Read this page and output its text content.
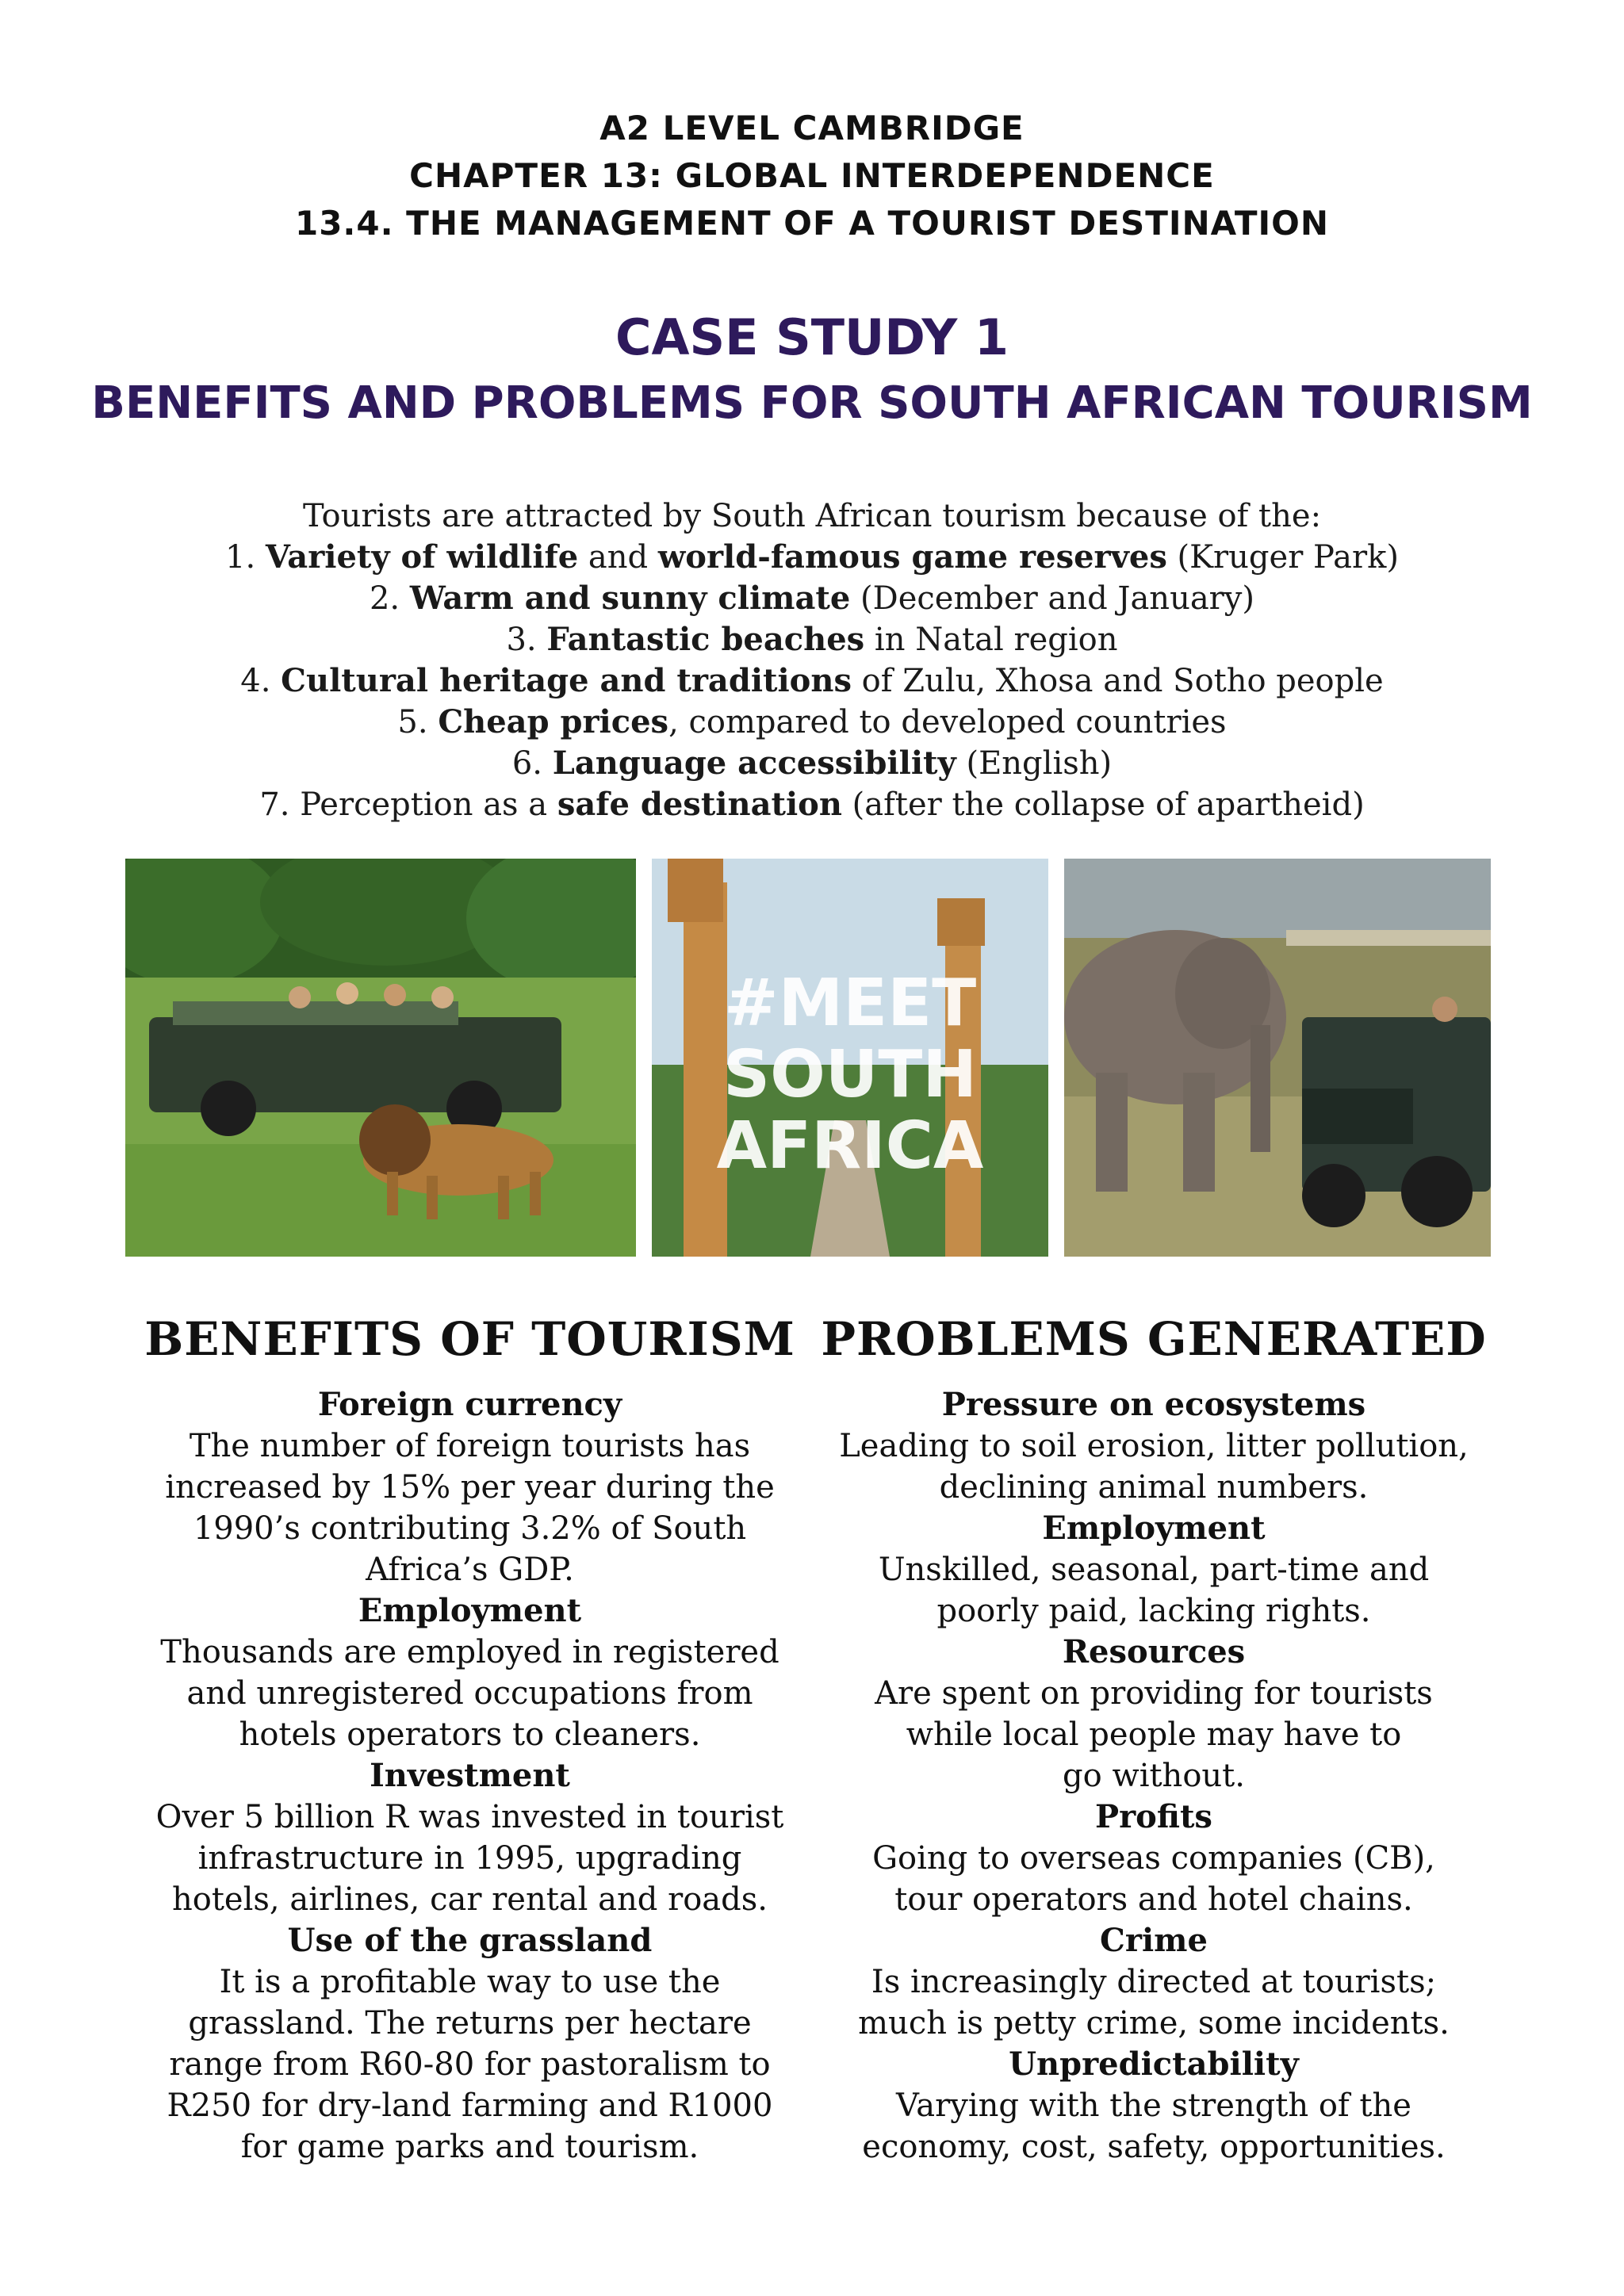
A2 LEVEL CAMBRIDGE
CHAPTER 13: GLOBAL INTERDEPENDENCE
13.4. THE MANAGEMENT OF A TOURIST DESTINATION
CASE STUDY 1
BENEFITS AND PROBLEMS FOR SOUTH AFRICAN TOURISM
Tourists are attracted by South African tourism because of the:
1. Variety of wildlife and world-famous game reserves (Kruger Park)
2. Warm and sunny climate (December and January)
3. Fantastic beaches in Natal region
4. Cultural heritage and traditions of Zulu, Xhosa and Sotho people
5. Cheap prices, compared to developed countries
6. Language accessibility (English)
7. Perception as a safe destination (after the collapse of apartheid)
#MEET
SOUTH
AFRICA
BENEFITS OF TOURISM
Foreign currency
The number of foreign tourists has
increased by 15% per year during the
1990’s contributing 3.2% of South
Africa’s GDP.
Employment
Thousands are employed in registered
and unregistered occupations from
hotels operators to cleaners.
Investment
Over 5 billion R was invested in tourist
infrastructure in 1995, upgrading
hotels, airlines, car rental and roads.
Use of the grassland
It is a profitable way to use the
grassland. The returns per hectare
range from R60-80 for pastoralism to
R250 for dry-land farming and R1000
for game parks and tourism.
PROBLEMS GENERATED
Pressure on ecosystems
Leading to soil erosion, litter pollution,
declining animal numbers.
Employment
Unskilled, seasonal, part-time and
poorly paid, lacking rights.
Resources
Are spent on providing for tourists
while local people may have to
go without.
Profits
Going to overseas companies (CB),
tour operators and hotel chains.
Crime
Is increasingly directed at tourists;
much is petty crime, some incidents.
Unpredictability
Varying with the strength of the
economy, cost, safety, opportunities.
